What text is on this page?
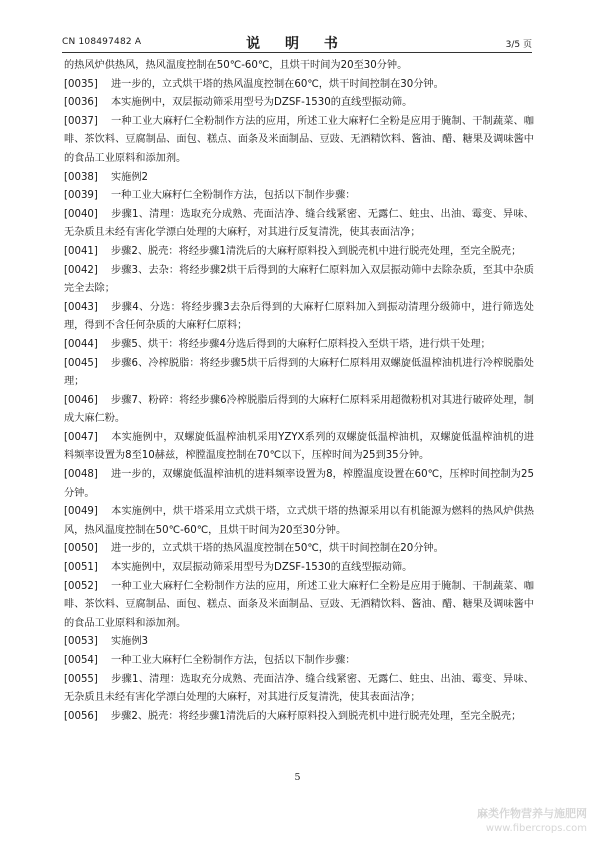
CN 108497482 A	说 明 书	3/5 页

的热风炉供热风，热风温度控制在50℃-60℃，且烘干时间为20至30分钟。

[0035] 进一步的，立式烘干塔的热风温度控制在60℃，烘干时间控制在30分钟。

[0036] 本实施例中，双层振动筛采用型号为DZSF-1530的直线型振动筛。

[0037] 一种工业大麻籽仁全粉制作方法的应用，所述工业大麻籽仁全粉是应用于腌制、干制蔬菜、咖啡、茶饮料、豆腐制品、面包、糕点、面条及米面制品、豆豉、无酒精饮料、酱油、醋、糖果及调味酱中的食品工业原料和添加剂。

[0038] 实施例2

[0039] 一种工业大麻籽仁全粉制作方法，包括以下制作步骤：

[0040] 步骤1、清理：选取充分成熟、壳面洁净、缝合线紧密、无露仁、蛀虫、出油、霉变、异味、无杂质且未经有害化学漂白处理的大麻籽，对其进行反复清洗，使其表面洁净；

[0041] 步骤2、脱壳：将经步骤1清洗后的大麻籽原料投入到脱壳机中进行脱壳处理，至完全脱壳；

[0042] 步骤3、去杂：将经步骤2烘干后得到的大麻籽仁原料加入双层振动筛中去除杂质，至其中杂质完全去除；

[0043] 步骤4、分选：将经步骤3去杂后得到的大麻籽仁原料加入到振动清理分级筛中，进行筛选处理，得到不含任何杂质的大麻籽仁原料；

[0044] 步骤5、烘干：将经步骤4分选后得到的大麻籽仁原料投入至烘干塔，进行烘干处理；

[0045] 步骤6、冷榨脱脂：将经步骤5烘干后得到的大麻籽仁原料用双螺旋低温榨油机进行冷榨脱脂处理；

[0046] 步骤7、粉碎：将经步骤6冷榨脱脂后得到的大麻籽仁原料采用超微粉机对其进行破碎处理，制成大麻仁粉。

[0047] 本实施例中，双螺旋低温榨油机采用YZYX系列的双螺旋低温榨油机，双螺旋低温榨油机的进料频率设置为8至10赫兹，榨膛温度控制在70℃以下，压榨时间为25到35分钟。

[0048] 进一步的，双螺旋低温榨油机的进料频率设置为8，榨膛温度设置在60℃，压榨时间控制为25分钟。

[0049] 本实施例中，烘干塔采用立式烘干塔，立式烘干塔的热源采用以有机能源为燃料的热风炉供热风，热风温度控制在50℃-60℃，且烘干时间为20至30分钟。

[0050] 进一步的，立式烘干塔的热风温度控制在50℃，烘干时间控制在20分钟。

[0051] 本实施例中，双层振动筛采用型号为DZSF-1530的直线型振动筛。

[0052] 一种工业大麻籽仁全粉制作方法的应用，所述工业大麻籽仁全粉是应用于腌制、干制蔬菜、咖啡、茶饮料、豆腐制品、面包、糕点、面条及米面制品、豆豉、无酒精饮料、酱油、醋、糖果及调味酱中的食品工业原料和添加剂。

[0053] 实施例3

[0054] 一种工业大麻籽仁全粉制作方法，包括以下制作步骤：

[0055] 步骤1、清理：选取充分成熟、壳面洁净、缝合线紧密、无露仁、蛀虫、出油、霉变、异味、无杂质且未经有害化学漂白处理的大麻籽，对其进行反复清洗，使其表面洁净；

[0056] 步骤2、脱壳：将经步骤1清洗后的大麻籽原料投入到脱壳机中进行脱壳处理，至完全脱壳；

5
麻类作物营养与施肥网
www.fibercrops.com
